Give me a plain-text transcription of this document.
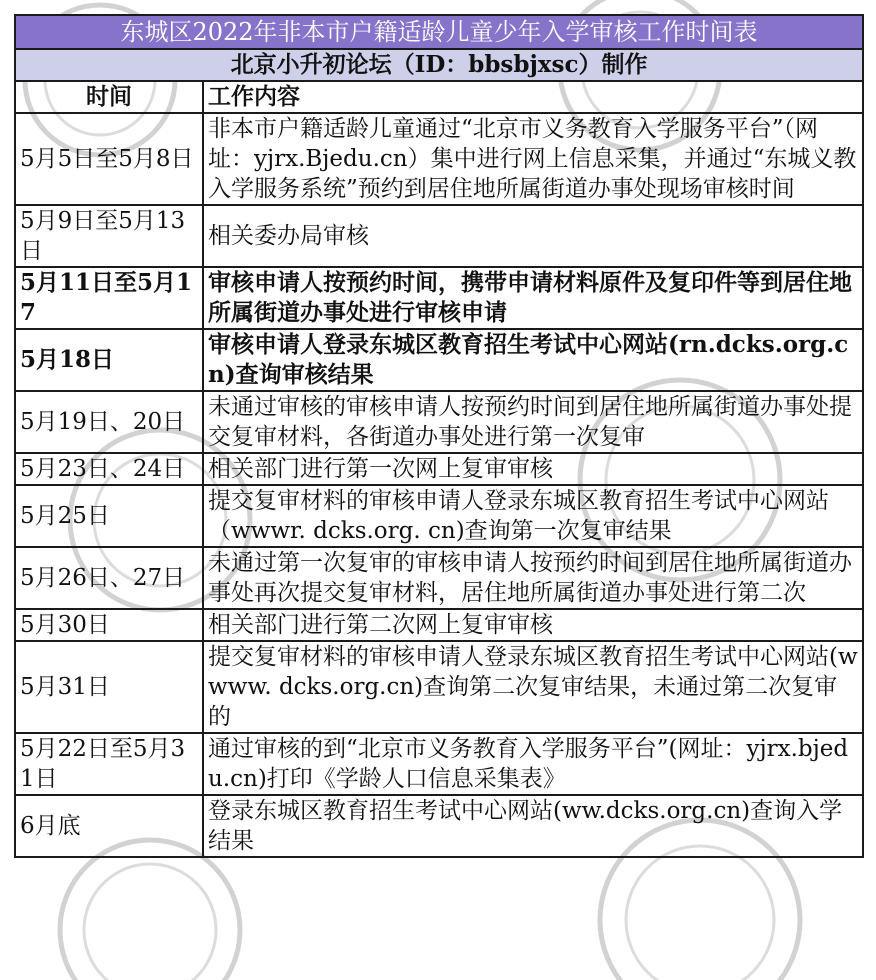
东城区2022年非本市户籍适龄儿童少年入学审核工作时间表	
北京小升初论坛（ID：bbsbjxsc）制作	
时间	工作内容
5月5日至5月8日	非本市户籍适龄儿童通过“北京市义务教育入学服务平台”（网址：yjrx.Bjedu.cn）集中进行网上信息采集，并通过“东城义教入学服务系统”预约到居住地所属街道办事处现场审核时间
5月9日至5月13日	相关委办局审核
5月11日至5月17	审核申请人按预约时间，携带申请材料原件及复印件等到居住地所属街道办事处进行审核申请
5月18日	审核申请人登录东城区教育招生考试中心网站(rn.dcks.org.cn)查询审核结果
5月19日、20日	未通过审核的审核申请人按预约时间到居住地所属街道办事处提交复审材料，各街道办事处进行第一次复审
5月23日、24日	相关部门进行第一次网上复审审核
5月25日	提交复审材料的审核申请人登录东城区教育招生考试中心网站（wwwr. dcks.org. cn)查询第一次复审结果
5月26日、27日	未通过第一次复审的审核申请人按预约时间到居住地所属街道办事处再次提交复审材料，居住地所属街道办事处进行第二次
5月30日	相关部门进行第二次网上复审审核
5月31日	提交复审材料的审核申请人登录东城区教育招生考试中心网站(wwww. dcks.org.cn)查询第二次复审结果，未通过第二次复审的
5月22日至5月31日	通过审核的到“北京市义务教育入学服务平台”(网址：yjrx.bjedu.cn)打印《学龄人口信息采集表》
6月底	登录东城区教育招生考试中心网站(ww.dcks.org.cn)查询入学结果
